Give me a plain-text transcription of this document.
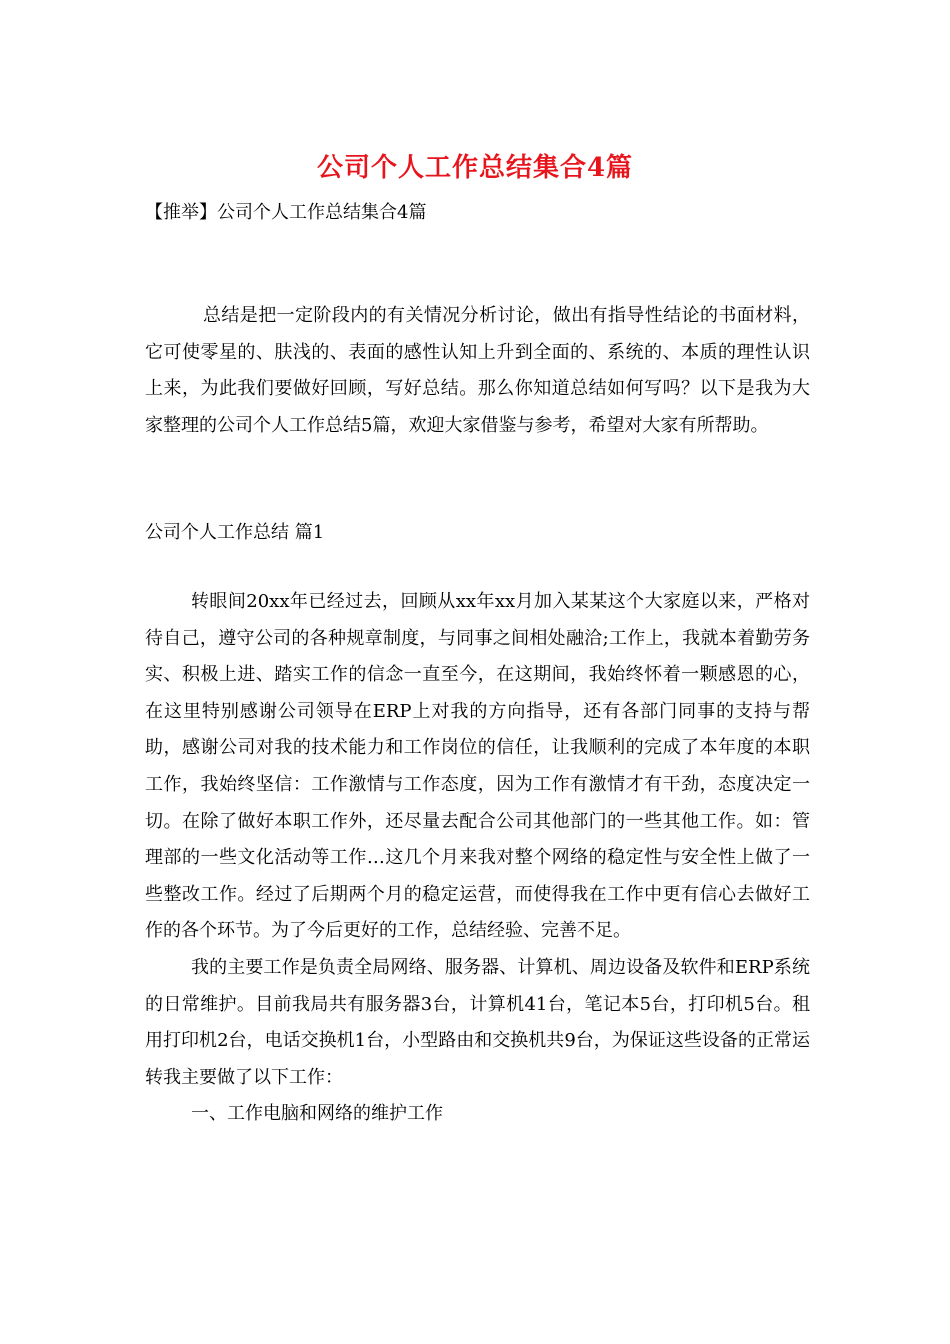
公司个人工作总结集合4篇
【推举】公司个人工作总结集合4篇

总结是把一定阶段内的有关情况分析讨论，做出有指导性结论的书面材料，它可使零星的、肤浅的、表面的感性认知上升到全面的、系统的、本质的理性认识上来，为此我们要做好回顾，写好总结。那么你知道总结如何写吗？以下是我为大家整理的公司个人工作总结5篇，欢迎大家借鉴与参考，希望对大家有所帮助。

公司个人工作总结 篇1

转眼间20xx年已经过去，回顾从xx年xx月加入某某这个大家庭以来，严格对待自己，遵守公司的各种规章制度，与同事之间相处融洽;工作上，我就本着勤劳务实、积极上进、踏实工作的信念一直至今，在这期间，我始终怀着一颗感恩的心，在这里特别感谢公司领导在ERP上对我的方向指导，还有各部门同事的支持与帮助，感谢公司对我的技术能力和工作岗位的信任，让我顺利的完成了本年度的本职工作，我始终坚信：工作激情与工作态度，因为工作有激情才有干劲，态度决定一切。在除了做好本职工作外，还尽量去配合公司其他部门的一些其他工作。如：管理部的一些文化活动等工作…这几个月来我对整个网络的稳定性与安全性上做了一些整改工作。经过了后期两个月的稳定运营，而使得我在工作中更有信心去做好工作的各个环节。为了今后更好的工作，总结经验、完善不足。

我的主要工作是负责全局网络、服务器、计算机、周边设备及软件和ERP系统的日常维护。目前我局共有服务器3台，计算机41台，笔记本5台，打印机5台。租用打印机2台，电话交换机1台，小型路由和交换机共9台，为保证这些设备的正常运转我主要做了以下工作：

一、工作电脑和网络的维护工作
